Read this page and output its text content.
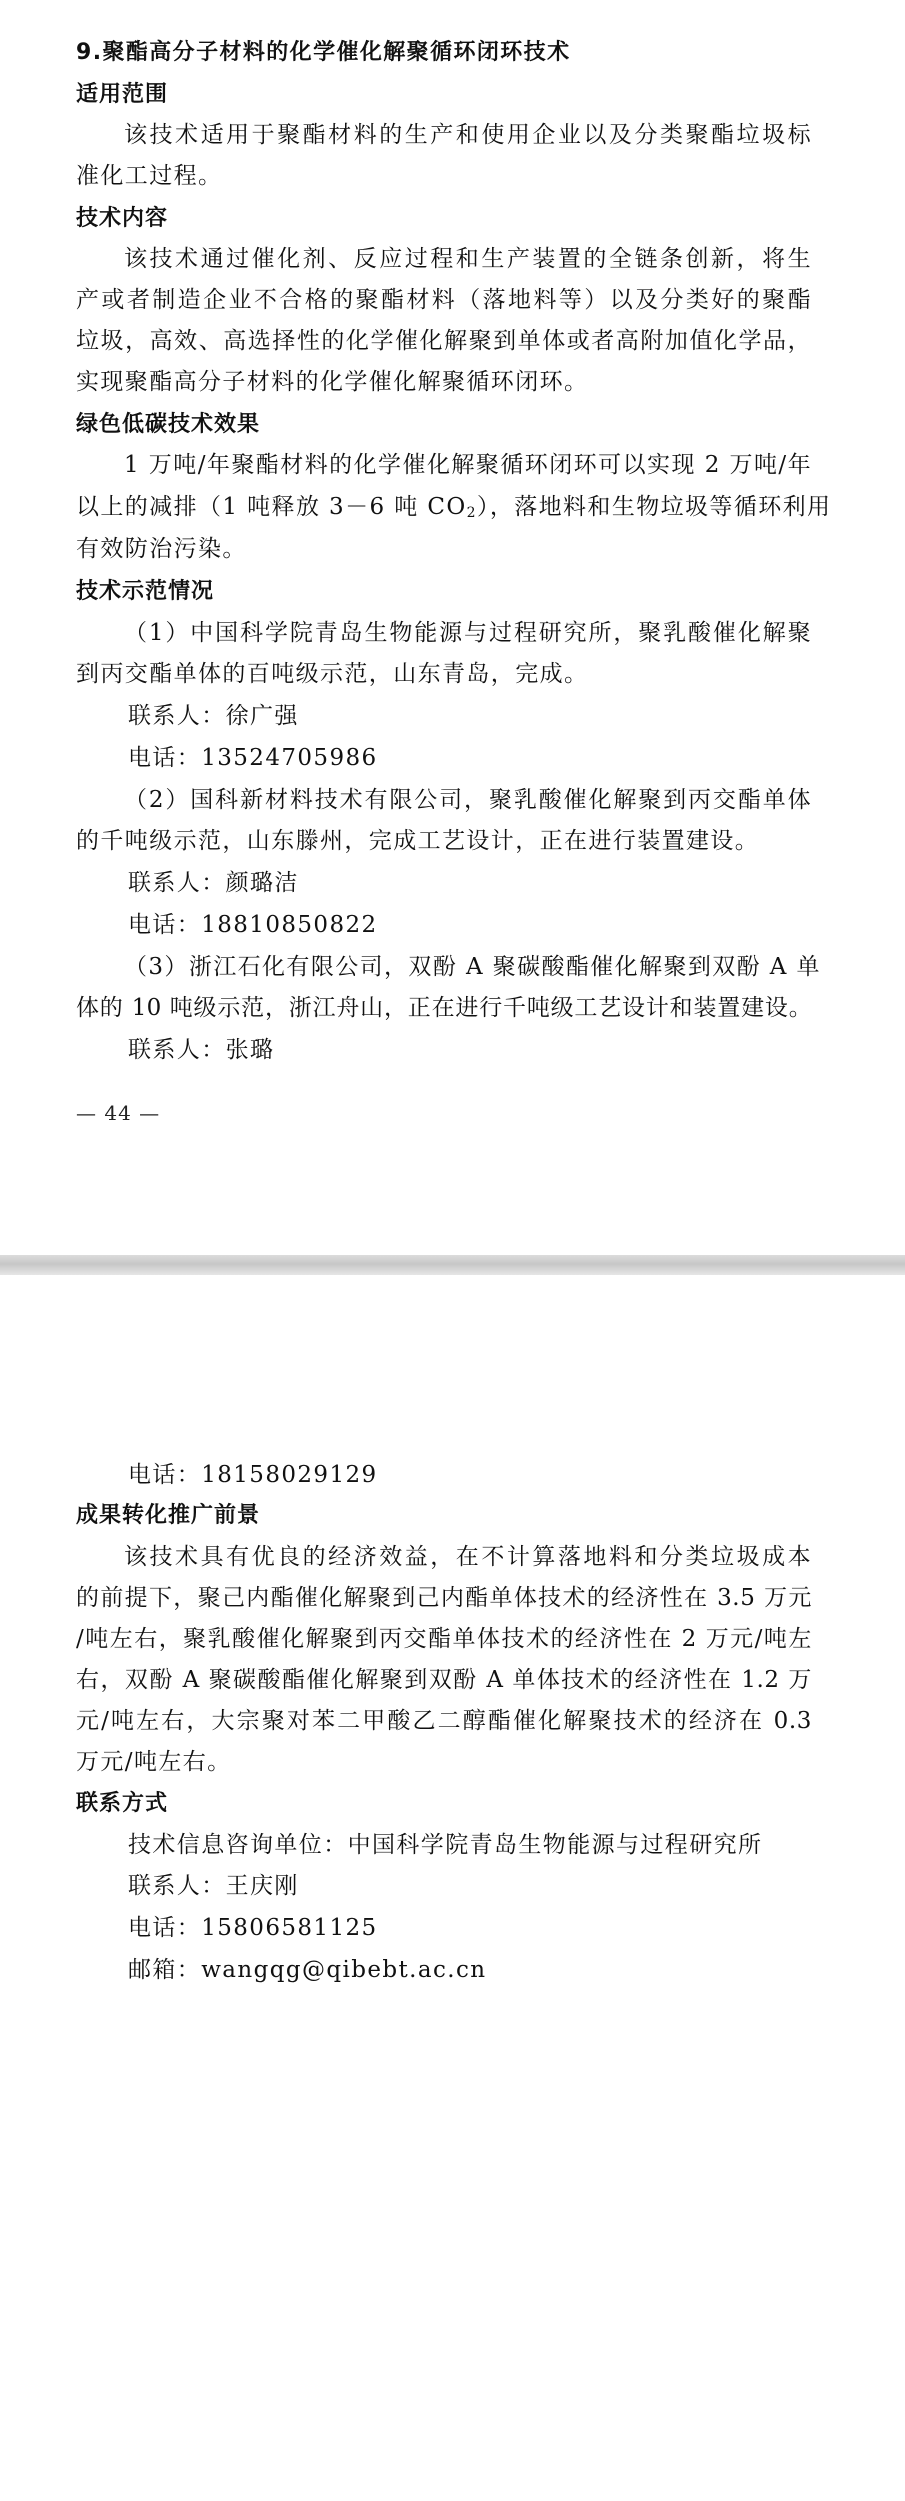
9.聚酯高分子材料的化学催化解聚循环闭环技术
适用范围
该技术适用于聚酯材料的生产和使用企业以及分类聚酯垃圾标
准化工过程。
技术内容
该技术通过催化剂、反应过程和生产装置的全链条创新，将生
产或者制造企业不合格的聚酯材料（落地料等）以及分类好的聚酯
垃圾，高效、高选择性的化学催化解聚到单体或者高附加值化学品，
实现聚酯高分子材料的化学催化解聚循环闭环。
绿色低碳技术效果
1 万吨/年聚酯材料的化学催化解聚循环闭环可以实现 2 万吨/年
以上的减排（1 吨释放 3－6 吨 $CO_2$），落地料和生物垃圾等循环利用
有效防治污染。
技术示范情况
（1）中国科学院青岛生物能源与过程研究所，聚乳酸催化解聚
到丙交酯单体的百吨级示范，山东青岛，完成。
联系人：徐广强
电话：13524705986
（2）国科新材料技术有限公司，聚乳酸催化解聚到丙交酯单体
的千吨级示范，山东滕州，完成工艺设计，正在进行装置建设。
联系人：颜璐洁
电话：18810850822
（3）浙江石化有限公司，双酚 A 聚碳酸酯催化解聚到双酚 A 单
体的 10 吨级示范，浙江舟山，正在进行千吨级工艺设计和装置建设。
联系人：张璐
— 44 —
电话：18158029129
成果转化推广前景
该技术具有优良的经济效益，在不计算落地料和分类垃圾成本
的前提下，聚己内酯催化解聚到己内酯单体技术的经济性在 3.5 万元
/吨左右，聚乳酸催化解聚到丙交酯单体技术的经济性在 2 万元/吨左
右，双酚 A 聚碳酸酯催化解聚到双酚 A 单体技术的经济性在 1.2 万
元/吨左右，大宗聚对苯二甲酸乙二醇酯催化解聚技术的经济在 0.3
万元/吨左右。
联系方式
技术信息咨询单位：中国科学院青岛生物能源与过程研究所
联系人：王庆刚
电话：15806581125
邮箱：wangqg@qibebt.ac.cn
